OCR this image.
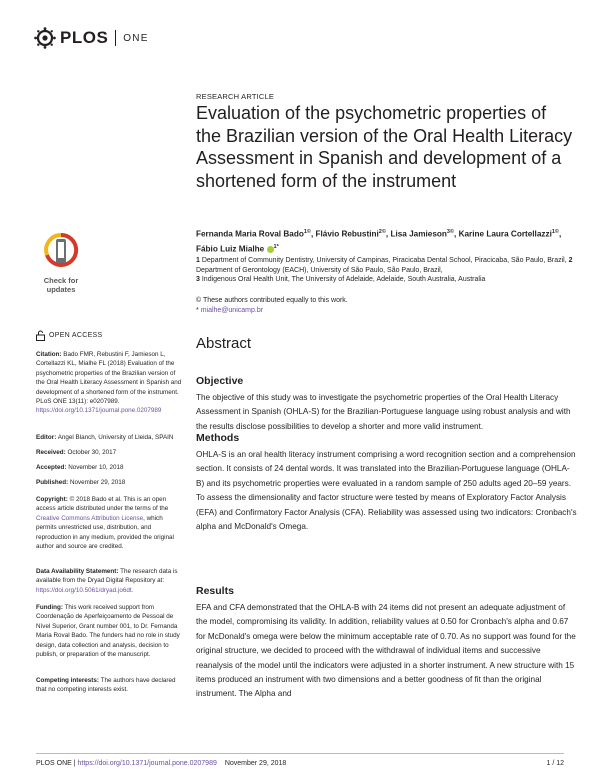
PLOS ONE
RESEARCH ARTICLE
Evaluation of the psychometric properties of the Brazilian version of the Oral Health Literacy Assessment in Spanish and development of a shortened form of the instrument
Fernanda Maria Roval Bado$^{1©}$, Flávio Rebustini$^{2©}$, Lisa Jamieson$^{3©}$, Karine Laura Cortellazzi$^{1©}$, Fábio Luiz Mialhe $^{1*}$
1 Department of Community Dentistry, University of Campinas, Piracicaba Dental School, Piracicaba, São Paulo, Brazil, 2 Department of Gerontology (EACH), University of São Paulo, São Paulo, Brazil,
3 Indigenous Oral Health Unit, The University of Adelaide, Adelaide, South Australia, Australia
© These authors contributed equally to this work.
* mialhe@unicamp.br
Abstract
Objective

The objective of this study was to investigate the psychometric properties of the Oral Health Literacy Assessment in Spanish (OHLA-S) for the Brazilian-Portuguese language using robust analysis and with the results disclose possibilities to develop a shorter and more valid instrument.

Methods

OHLA-S is an oral health literacy instrument comprising a word recognition section and a comprehension section. It consists of 24 dental words. It was translated into the Brazilian-Portuguese language (OHLA-B) and its psychometric properties were evaluated in a random sample of 250 adults aged 20–59 years. To assess the dimensionality and factor structure were tested by means of Exploratory Factor Analysis (EFA) and Confirmatory Factor Analysis (CFA). Reliability was assessed using two indicators: Cronbach's alpha and McDonald's Omega.

Results

EFA and CFA demonstrated that the OHLA-B with 24 items did not present an adequate adjustment of the model, compromising its validity. In addition, reliability values at 0.50 for Cronbach's alpha and 0.67 for McDonald's omega were below the minimum acceptable rate of 0.70. As no support was found for the original structure, we decided to proceed with the withdrawal of individual items and successive reanalysis of the model until the indicators were adjusted in a shorter instrument. A new structure with 15 items produced an instrument with two dimensions and a better goodness of fit than the original instrument. The Alpha and

Check for updates
OPEN ACCESS
Citation: Bado FMR, Rebustini F, Jamieson L, Cortellazzi KL, Mialhe FL (2018) Evaluation of the psychometric properties of the Brazilian version of the Oral Health Literacy Assessment in Spanish and development of a shortened form of the instrument. PLoS ONE 13(11): e0207989. https://doi.org/10.1371/journal.pone.0207989
Editor: Angel Blanch, University of Lleida, SPAIN
Received: October 30, 2017
Accepted: November 10, 2018
Published: November 29, 2018
Copyright: © 2018 Bado et al. This is an open access article distributed under the terms of the Creative Commons Attribution License, which permits unrestricted use, distribution, and reproduction in any medium, provided the original author and source are credited.
Data Availability Statement: The research data is available from the Dryad Digital Repository at: https://doi.org/10.5061/dryad.jo6dt.
Funding: This work received support from Coordenação de Aperfeiçoamento de Pessoal de Nível Superior, Grant number 001, to Dr. Fernanda Maria Roval Bado. The funders had no role in study design, data collection and analysis, decision to publish, or preparation of the manuscript.
Competing interests: The authors have declared that no competing interests exist.
PLOS ONE | https://doi.org/10.1371/journal.pone.0207989 November 29, 2018	1 / 12
